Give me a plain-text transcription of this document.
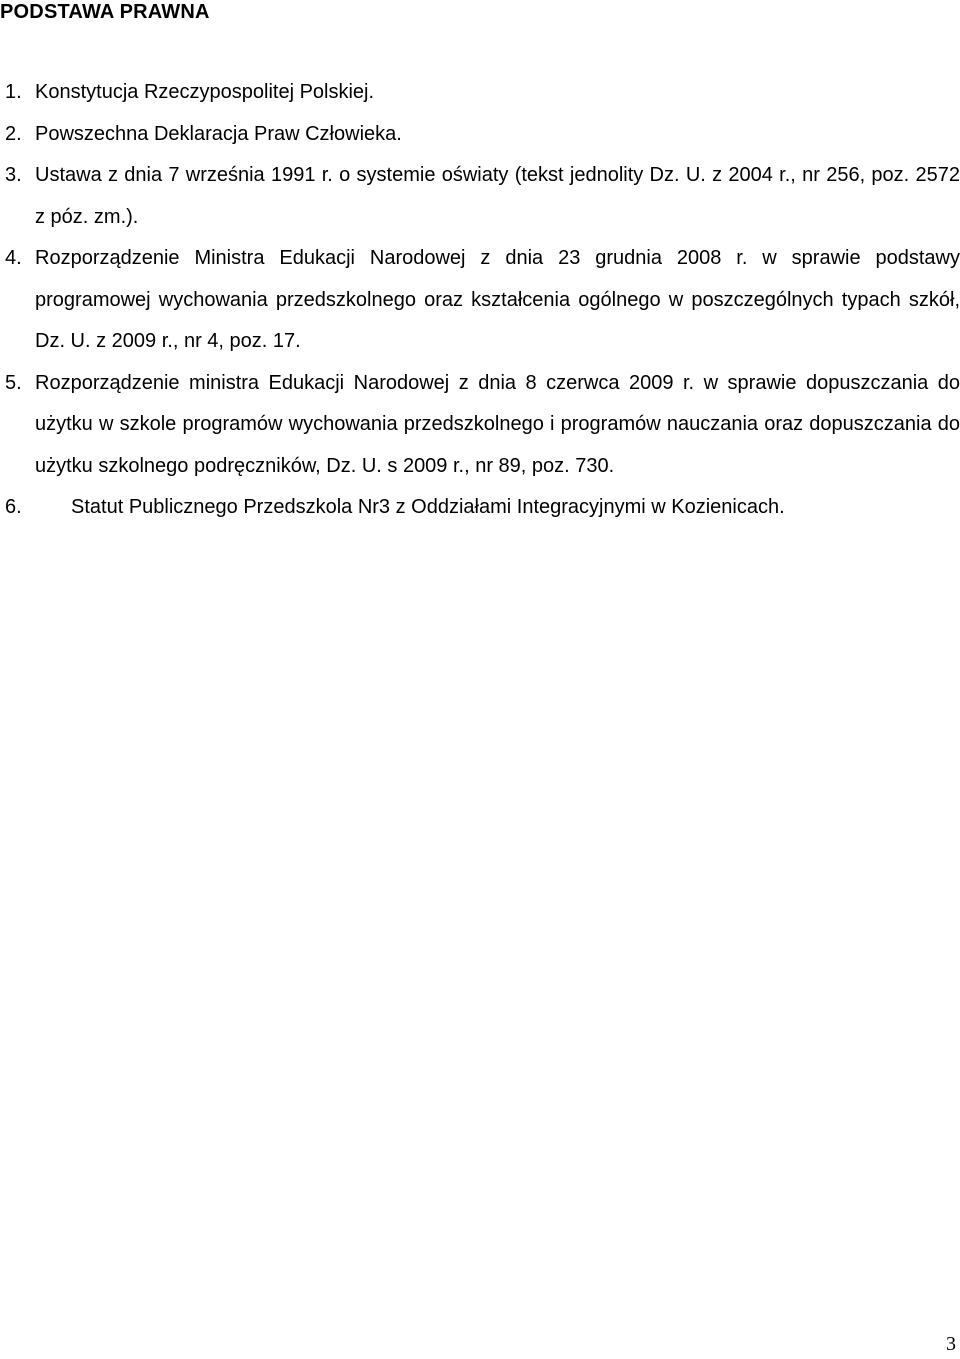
PODSTAWA PRAWNA
1. Konstytucja Rzeczypospolitej Polskiej.
2. Powszechna Deklaracja Praw Człowieka.
3. Ustawa z dnia 7 września 1991 r. o systemie oświaty (tekst jednolity Dz. U. z 2004 r., nr 256, poz. 2572 z póz. zm.).
4. Rozporządzenie Ministra Edukacji Narodowej z dnia 23 grudnia 2008 r. w sprawie podstawy programowej wychowania przedszkolnego oraz kształcenia ogólnego w poszczególnych typach szkół, Dz. U. z 2009 r., nr 4, poz. 17.
5. Rozporządzenie ministra Edukacji Narodowej z dnia 8 czerwca 2009 r. w sprawie dopuszczania do użytku w szkole programów wychowania przedszkolnego i programów nauczania oraz dopuszczania do użytku szkolnego podręczników, Dz. U. s 2009 r., nr 89, poz. 730.
6. Statut Publicznego Przedszkola Nr3 z Oddziałami Integracyjnymi w Kozienicach.
3
